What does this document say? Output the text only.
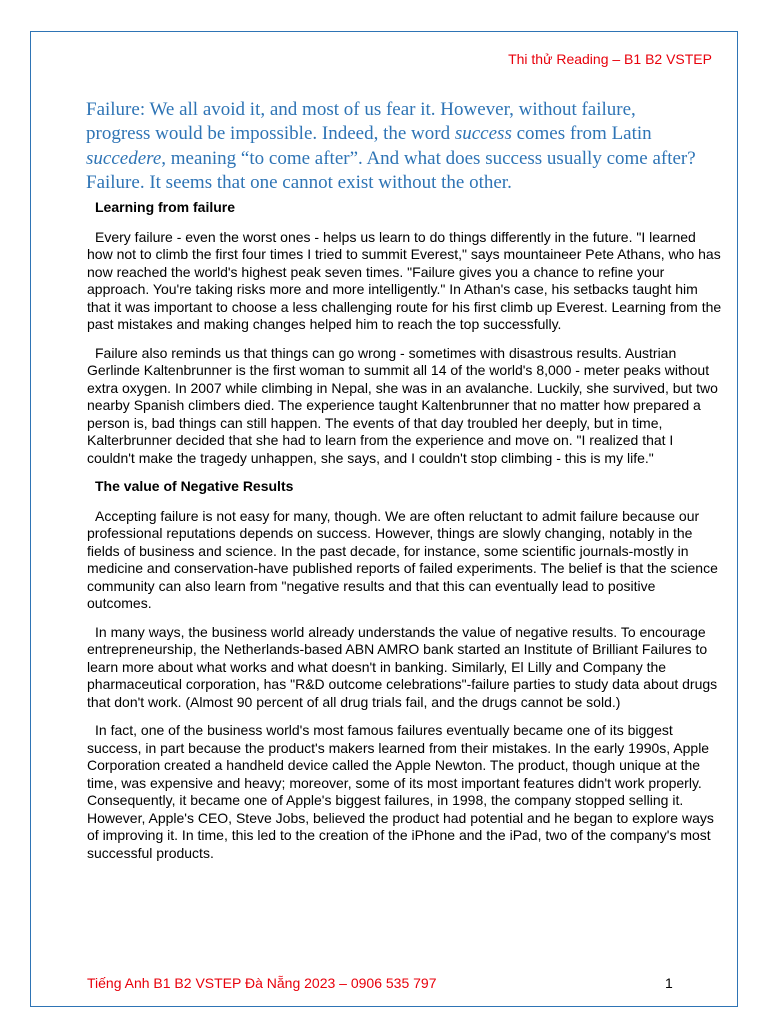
Thi thử Reading – B1 B2 VSTEP
Failure: We all avoid it, and most of us fear it. However, without failure, progress would be impossible. Indeed, the word success comes from Latin succedere, meaning “to come after”. And what does success usually come after? Failure. It seems that one cannot exist without the other.
Learning from failure

Every failure - even the worst ones - helps us learn to do things differently in the future. "I learned how not to climb the first four times I tried to summit Everest," says mountaineer Pete Athans, who has now reached the world's highest peak seven times. "Failure gives you a chance to refine your approach. You're taking risks more and more intelligently." In Athan's case, his setbacks taught him that it was important to choose a less challenging route for his first climb up Everest. Learning from the past mistakes and making changes helped him to reach the top successfully.

Failure also reminds us that things can go wrong - sometimes with disastrous results. Austrian Gerlinde Kaltenbrunner is the first woman to summit all 14 of the world's 8,000 - meter peaks without extra oxygen. In 2007 while climbing in Nepal, she was in an avalanche. Luckily, she survived, but two nearby Spanish climbers died. The experience taught Kaltenbrunner that no matter how prepared a person is, bad things can still happen. The events of that day troubled her deeply, but in time, Kalterbrunner decided that she had to learn from the experience and move on. "I realized that I couldn't make the tragedy unhappen, she says, and I couldn't stop climbing - this is my life."

The value of Negative Results

Accepting failure is not easy for many, though. We are often reluctant to admit failure because our professional reputations depends on success. However, things are slowly changing, notably in the fields of business and science. In the past decade, for instance, some scientific journals-mostly in medicine and conservation-have published reports of failed experiments. The belief is that the science community can also learn from "negative results and that this can eventually lead to positive outcomes.

In many ways, the business world already understands the value of negative results. To encourage entrepreneurship, the Netherlands-based ABN AMRO bank started an Institute of Brilliant Failures to learn more about what works and what doesn't in banking. Similarly, El Lilly and Company the pharmaceutical corporation, has "R&D outcome celebrations"-failure parties to study data about drugs that don't work. (Almost 90 percent of all drug trials fail, and the drugs cannot be sold.)

In fact, one of the business world's most famous failures eventually became one of its biggest success, in part because the product's makers learned from their mistakes. In the early 1990s, Apple Corporation created a handheld device called the Apple Newton. The product, though unique at the time, was expensive and heavy; moreover, some of its most important features didn't work properly. Consequently, it became one of Apple's biggest failures, in 1998, the company stopped selling it. However, Apple's CEO, Steve Jobs, believed the product had potential and he began to explore ways of improving it. In time, this led to the creation of the iPhone and the iPad, two of the company's most successful products.

Tiếng Anh B1 B2 VSTEP Đà Nẵng 2023 – 0906 535 797	1
